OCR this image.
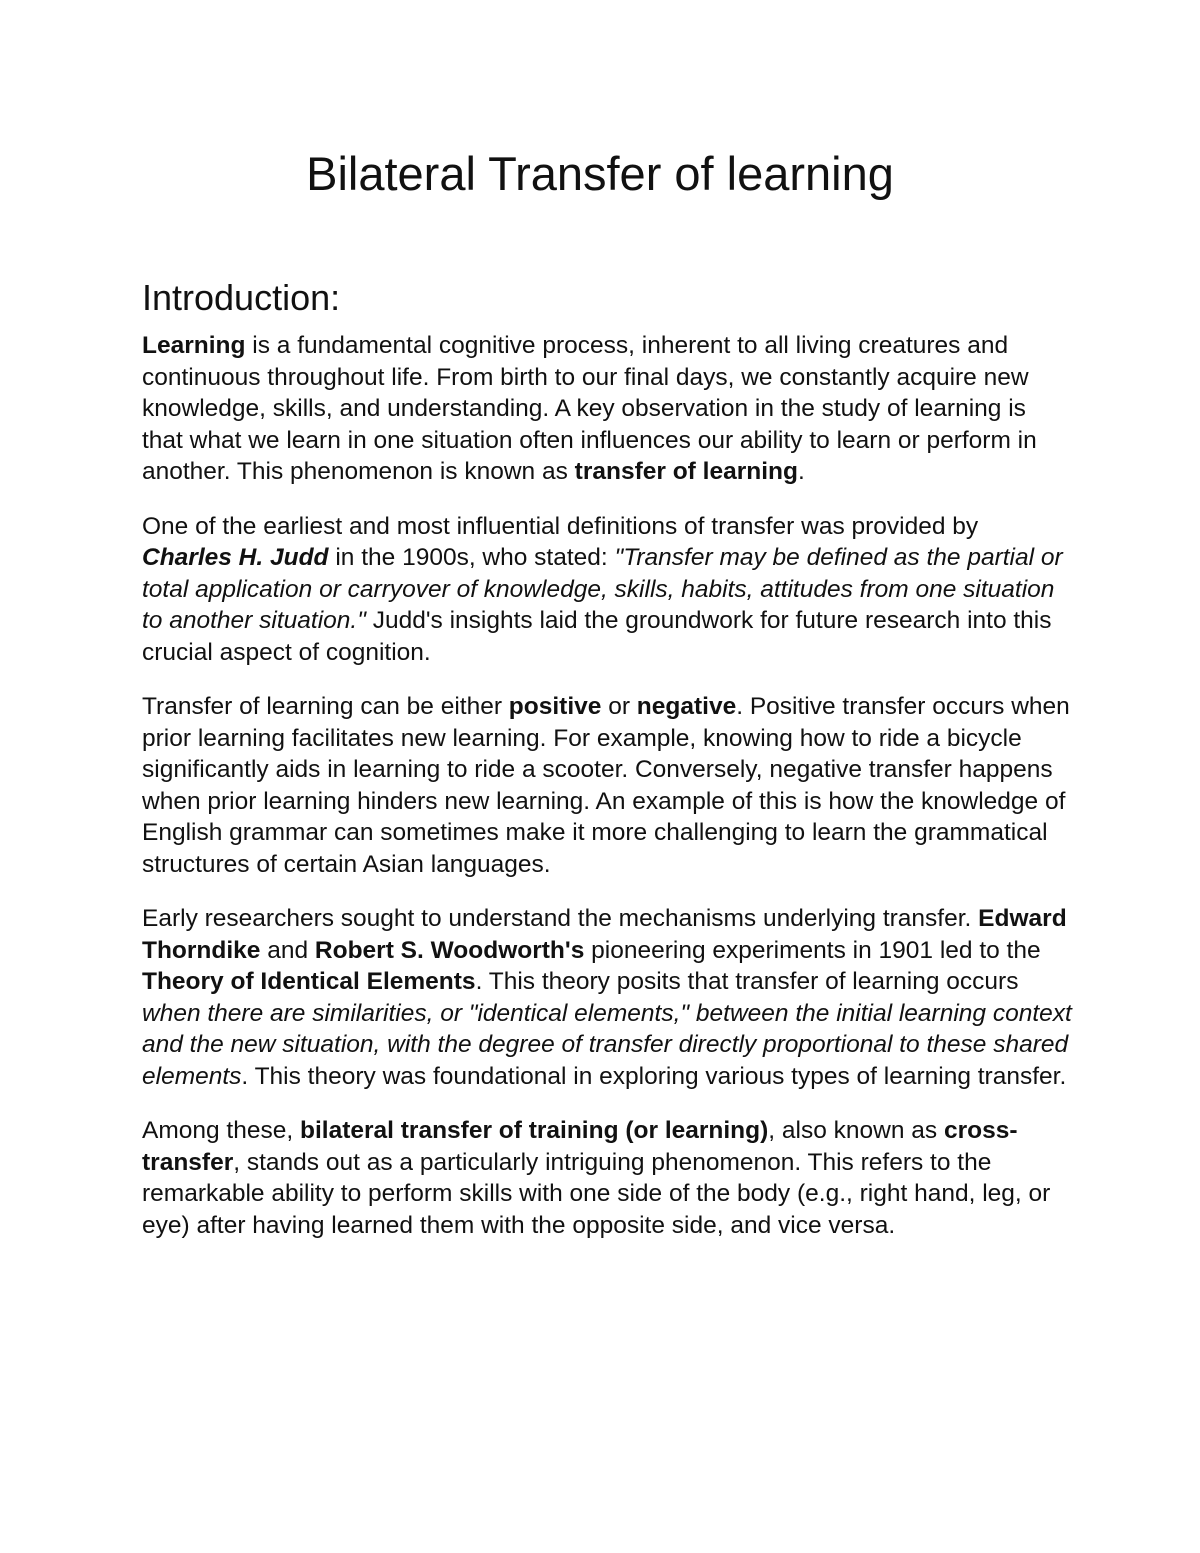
Bilateral Transfer of learning
Introduction:

Learning is a fundamental cognitive process, inherent to all living creatures and continuous throughout life. From birth to our final days, we constantly acquire new knowledge, skills, and understanding. A key observation in the study of learning is that what we learn in one situation often influences our ability to learn or perform in another. This phenomenon is known as transfer of learning.

One of the earliest and most influential definitions of transfer was provided by Charles H. Judd in the 1900s, who stated: "Transfer may be defined as the partial or total application or carryover of knowledge, skills, habits, attitudes from one situation to another situation." Judd's insights laid the groundwork for future research into this crucial aspect of cognition.

Transfer of learning can be either positive or negative. Positive transfer occurs when prior learning facilitates new learning. For example, knowing how to ride a bicycle significantly aids in learning to ride a scooter. Conversely, negative transfer happens when prior learning hinders new learning. An example of this is how the knowledge of English grammar can sometimes make it more challenging to learn the grammatical structures of certain Asian languages.

Early researchers sought to understand the mechanisms underlying transfer. Edward Thorndike and Robert S. Woodworth's pioneering experiments in 1901 led to the Theory of Identical Elements. This theory posits that transfer of learning occurs when there are similarities, or "identical elements," between the initial learning context and the new situation, with the degree of transfer directly proportional to these shared elements. This theory was foundational in exploring various types of learning transfer.

Among these, bilateral transfer of training (or learning), also known as cross-transfer, stands out as a particularly intriguing phenomenon. This refers to the remarkable ability to perform skills with one side of the body (e.g., right hand, leg, or eye) after having learned them with the opposite side, and vice versa.
